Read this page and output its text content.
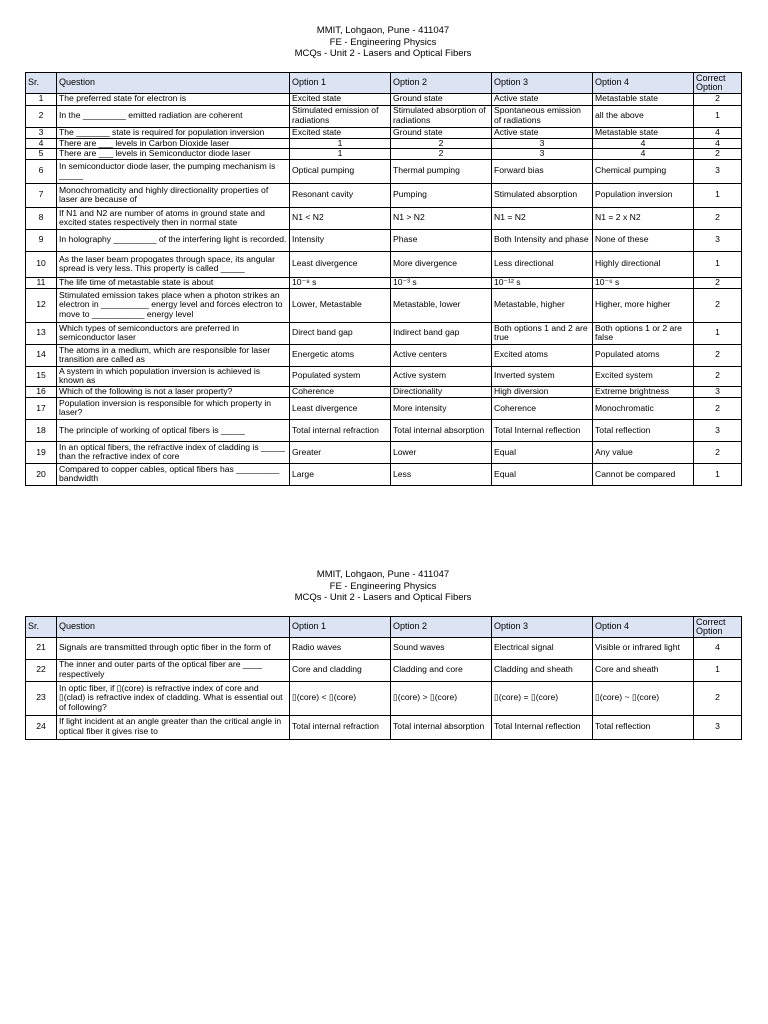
MMIT, Lohgaon, Pune - 411047
FE - Engineering Physics
MCQs - Unit 2 - Lasers and Optical Fibers
Sr.	Question	Option 1	Option 2	Option 3	Option 4	Correct Option
1	The preferred state for electron is	Excited state	Ground state	Active state	Metastable state	2
2	In the _________ emitted radiation are coherent	Stimulated emission of radiations	Stimulated absorption of radiations	Spontaneous emission of radiations	all the above	1
3	The _______ state is required for population inversion	Excited state	Ground state	Active state	Metastable state	4
4	There are ___ levels in Carbon Dioxide laser	1	2	3	4	4
5	There are ___ levels in Semiconductor diode laser	1	2	3	4	2
6	In semiconductor diode laser, the pumping mechanism is _____	Optical pumping	Thermal pumping	Forward bias	Chemical pumping	3
7	Monochromaticity and highly directionality properties of laser are because of	Resonant cavity	Pumping	Stimulated absorption	Population inversion	1
8	If N1 and N2 are number of atoms in ground state and excited states respectively then in normal state	N1 < N2	N1 > N2	N1 = N2	N1 = 2 x N2	2
9	In holography _________ of the interfering light is recorded.	Intensity	Phase	Both Intensity and phase	None of these	3
10	As the laser beam propogates through space, its angular spread is very less. This property is called _____	Least divergence	More divergence	Less directional	Highly directional	1
11	The life time of metastable state is about	10⁻⁸ s	10⁻³ s	10⁻¹² s	10⁻⁶ s	2
12	Stimulated emission takes place when a photon strikes an electron in __________ energy level and forces electron to move to ___________ energy level	Lower, Metastable	Metastable, lower	Metastable, higher	Higher, more higher	2
13	Which types of semiconductors are preferred in semiconductor laser	Direct band gap	Indirect band gap	Both options 1 and 2 are true	Both options 1 or 2 are false	1
14	The atoms in a medium, which are responsible for laser transition are called as	Energetic atoms	Active centers	Excited atoms	Populated atoms	2
15	A system in which population inversion is achieved is known as	Populated system	Active system	Inverted system	Excited system	2
16	Which of the following is not a laser property?	Coherence	Directionality	High diversion	Extreme brightness	3
17	Population inversion is responsible for which property in laser?	Least divergence	More intensity	Coherence	Monochromatic	2
18	The principle of working of optical fibers is _____	Total internal refraction	Total internal absorption	Total Internal reflection	Total reflection	3
19	In an optical fibers, the refractive index of cladding is _____ than the refractive index of core	Greater	Lower	Equal	Any value	2
20	Compared to copper cables, optical fibers has _________ bandwidth	Large	Less	Equal	Cannot be compared	1
MMIT, Lohgaon, Pune - 411047
FE - Engineering Physics
MCQs - Unit 2 - Lasers and Optical Fibers
Sr.	Question	Option 1	Option 2	Option 3	Option 4	Correct Option
21	Signals are transmitted through optic fiber in the form of	Radio waves	Sound waves	Electrical signal	Visible or infrared light	4
22	The inner and outer parts of the optical fiber are ____ respectively	Core and cladding	Cladding and core	Cladding and sheath	Core and sheath	1
23	In optic fiber, if ▯(core) is refractive index of core and ▯(clad) is refractive index of cladding. What is essential out of following?	▯(core) < ▯(core)	▯(core) > ▯(core)	▯(core) = ▯(core)	▯(core) ~ ▯(core)	2
24	If light incident at an angle greater than the critical angle in optical fiber it gives rise to	Total internal refraction	Total internal absorption	Total Internal reflection	Total reflection	3
